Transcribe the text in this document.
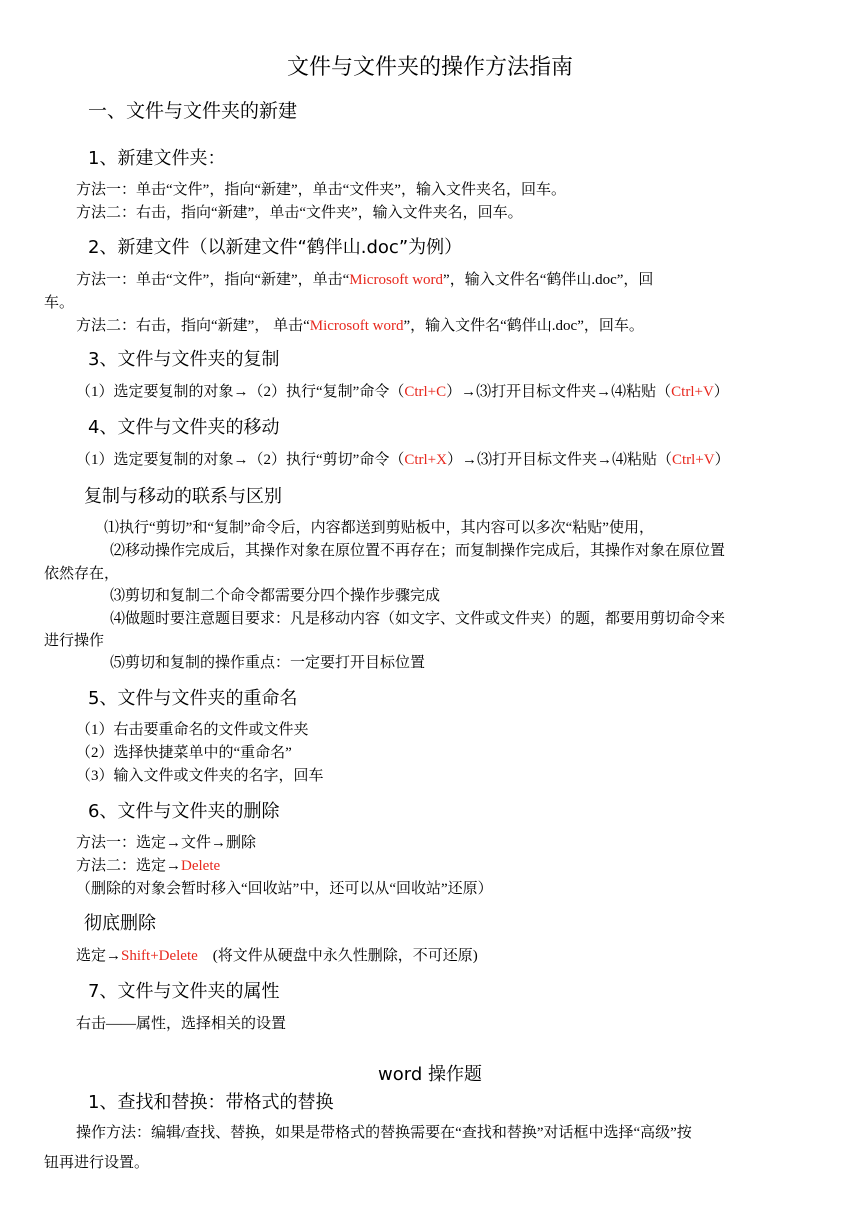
文件与文件夹的操作方法指南
一、文件与文件夹的新建
1、新建文件夹：
方法一：单击“文件”，指向“新建”，单击“文件夹”，输入文件夹名，回车。
方法二：右击，指向“新建”，单击“文件夹”，输入文件夹名，回车。
2、新建文件（以新建文件“鹤伴山.doc”为例）
方法一：单击“文件”，指向“新建”，单击“Microsoft word”，输入文件名“鹤伴山.doc”，回
车。
方法二：右击，指向“新建”， 单击“Microsoft word”，输入文件名“鹤伴山.doc”，回车。
3、文件与文件夹的复制
（1）选定要复制的对象→（2）执行“复制”命令（Ctrl+C）→⑶打开目标文件夹→⑷粘贴（Ctrl+V）
4、文件与文件夹的移动
（1）选定要复制的对象→（2）执行“剪切”命令（Ctrl+X）→⑶打开目标文件夹→⑷粘贴（Ctrl+V）
复制与移动的联系与区别
⑴执行“剪切”和“复制”命令后，内容都送到剪贴板中，其内容可以多次“粘贴”使用，
⑵移动操作完成后，其操作对象在原位置不再存在；而复制操作完成后，其操作对象在原位置
依然存在，
⑶剪切和复制二个命令都需要分四个操作步骤完成
⑷做题时要注意题目要求：凡是移动内容（如文字、文件或文件夹）的题，都要用剪切命令来
进行操作
⑸剪切和复制的操作重点：一定要打开目标位置
5、文件与文件夹的重命名
（1）右击要重命名的文件或文件夹
（2）选择快捷菜单中的“重命名”
（3）输入文件或文件夹的名字，回车
6、文件与文件夹的删除
方法一：选定→文件→删除
方法二：选定→Delete
（删除的对象会暂时移入“回收站”中，还可以从“回收站”还原）
彻底删除
选定→Shift+Delete　(将文件从硬盘中永久性删除，不可还原)
7、文件与文件夹的属性
右击——属性，选择相关的设置
word 操作题
1、查找和替换：带格式的替换
操作方法：编辑/查找、替换，如果是带格式的替换需要在“查找和替换”对话框中选择“高级”按
钮再进行设置。
